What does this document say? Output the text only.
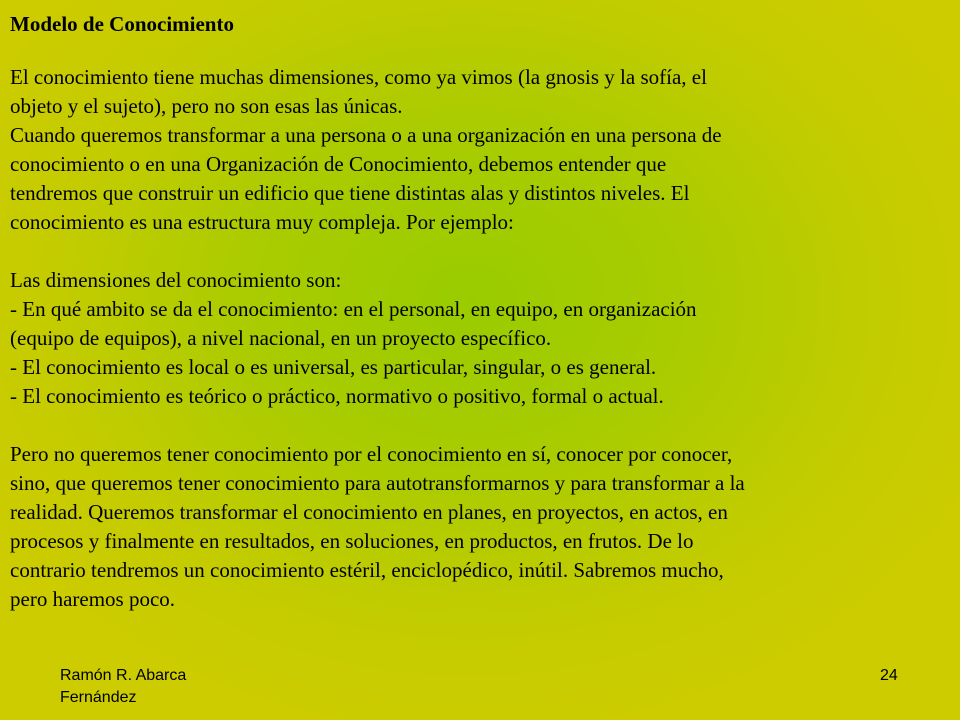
Modelo de Conocimiento

El conocimiento tiene muchas dimensiones, como ya vimos (la gnosis y la sofía, el

objeto y el sujeto), pero no son esas las únicas.

Cuando queremos transformar a una persona o a una organización en una persona de

conocimiento o en una Organización de Conocimiento, debemos entender que

tendremos que construir un edificio que tiene distintas alas y distintos niveles. El

conocimiento es una estructura muy compleja. Por ejemplo:

Las dimensiones del conocimiento son:

- En qué ambito se da el conocimiento: en el personal, en equipo, en organización

(equipo de equipos), a nivel nacional, en un proyecto específico.

- El conocimiento es local o es universal, es particular, singular, o es general.

- El conocimiento es teórico o práctico, normativo o positivo, formal o actual.

Pero no queremos tener conocimiento por el conocimiento en sí, conocer por conocer,

sino, que queremos tener conocimiento para autotransformarnos y para transformar a la

realidad. Queremos transformar el conocimiento en planes, en proyectos, en actos, en

procesos y finalmente en resultados, en soluciones, en productos, en frutos. De lo

contrario tendremos un conocimiento estéril, enciclopédico, inútil. Sabremos mucho,

pero haremos poco.

Ramón R. Abarca
Fernández
24
